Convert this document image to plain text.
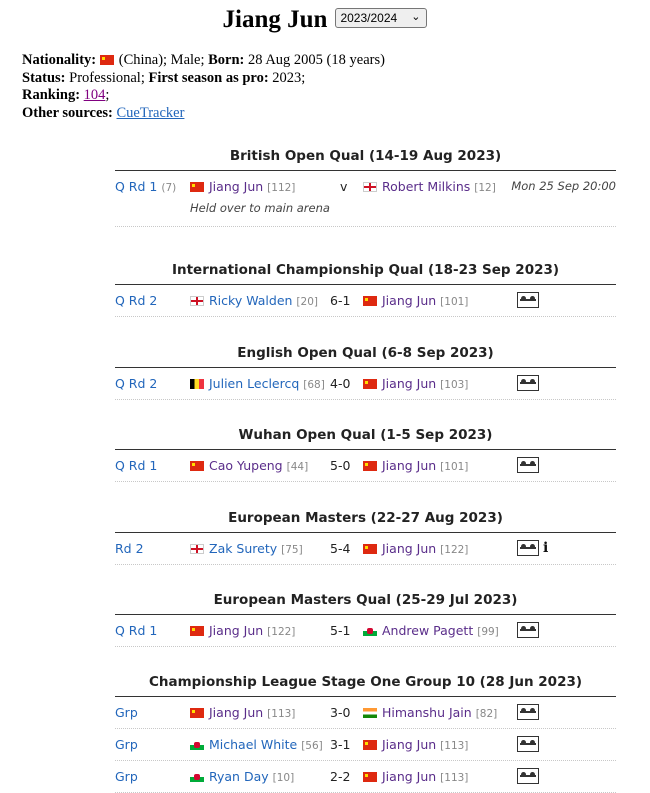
Jiang Jun 2023/2024 ⌄
Nationality: (China); Male; Born: 28 Aug 2005 (18 years)
Status: Professional; First season as pro: 2023;
Ranking: 104;
Other sources: CueTracker
British Open Qual (14-19 Aug 2023)
Q Rd 1 (7)	Jiang Jun [112]	v	Robert Milkins [12] Mon 25 Sep 20:00
Held over to main arena
International Championship Qual (18-23 Sep 2023)
Q Rd 2	Ricky Walden [20] 6-1	Jiang Jun [101]
English Open Qual (6-8 Sep 2023)
Q Rd 2	Julien Leclercq [68] 4-0	Jiang Jun [103]
Wuhan Open Qual (1-5 Sep 2023)
Q Rd 1	Cao Yupeng [44] 5-0	Jiang Jun [101]
European Masters (22-27 Aug 2023)
Rd 2	Zak Surety [75] 5-4	Jiang Jun [122]	i
European Masters Qual (25-29 Jul 2023)
Q Rd 1	Jiang Jun [122]	5-1	Andrew Pagett [99]
Championship League Stage One Group 10 (28 Jun 2023)
Grp	Jiang Jun [113]	3-0	Himanshu Jain [82]
Grp	Michael White [56] 3-1	Jiang Jun [113]
Grp	Ryan Day [10]	2-2	Jiang Jun [113]
